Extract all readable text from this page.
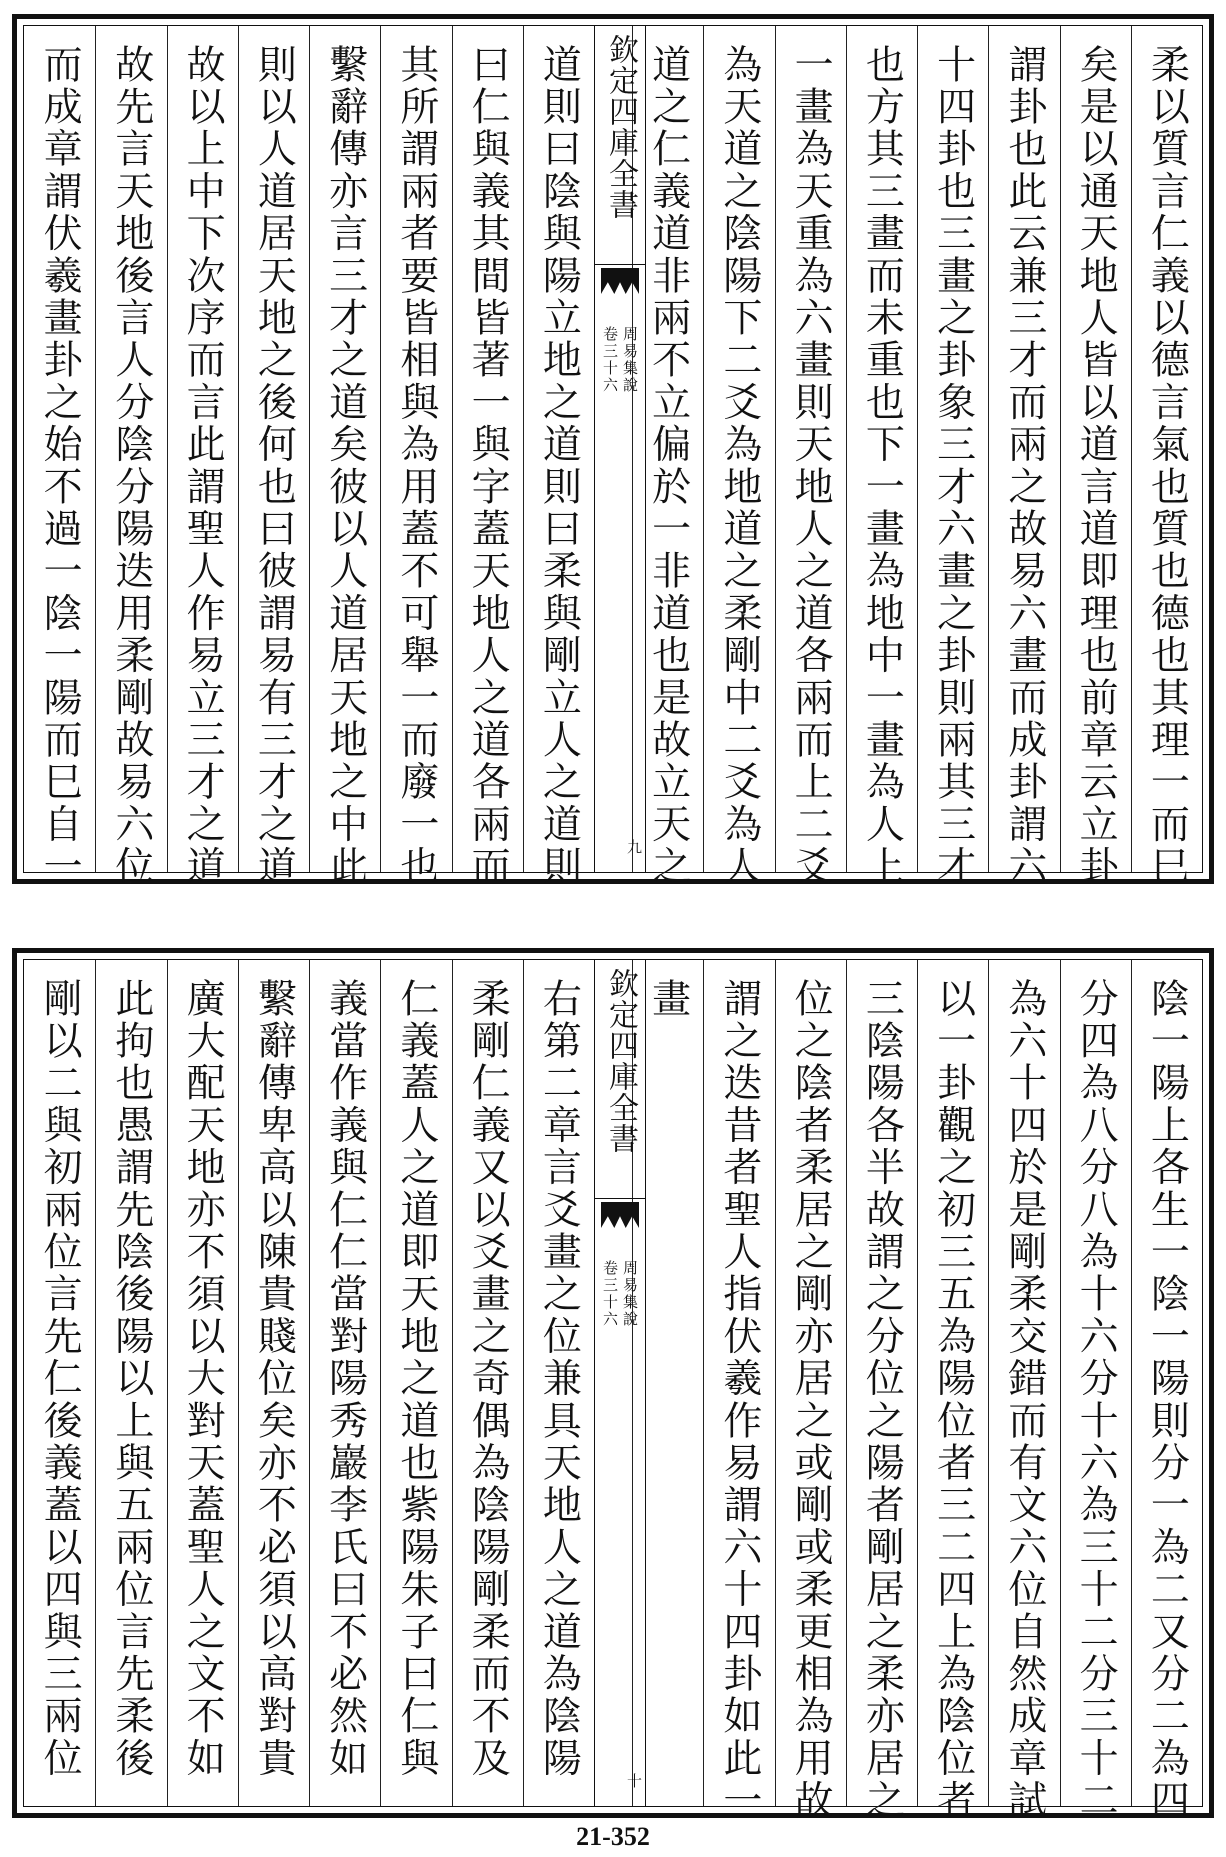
柔以質言仁義以德言氣也質也德也其理一而巳
矣是以通天地人皆以道言道即理也前章云立卦
謂卦也此云兼三才而兩之故易六畫而成卦謂六
十四卦也三畫之卦象三才六畫之卦則兩其三才
也方其三畫而未重也下一畫為地中一畫為人上
一畫為天重為六畫則天地人之道各兩而上二爻
為天道之陰陽下二爻為地道之柔剛中二爻為人
道之仁義道非兩不立偏於一非道也是故立天之
欽定四庫全書
周易集說
卷三十六
九
道則曰陰與陽立地之道則曰柔與剛立人之道則
曰仁與義其間皆著一與字蓋天地人之道各兩而
其所謂兩者要皆相與為用蓋不可舉一而廢一也
繫辭傳亦言三才之道矣彼以人道居天地之中此
則以人道居天地之後何也曰彼謂易有三才之道
故以上中下次序而言此謂聖人作易立三才之道
故先言天地後言人分陰分陽迭用柔剛故易六位
而成章謂伏羲畫卦之始不過一陰一陽而巳自一
陰一陽上各生一陰一陽則分一為二又分二為四
分四為八分八為十六分十六為三十二分三十二
為六十四於是剛柔交錯而有文六位自然成章試
以一卦觀之初三五為陽位者三二四上為陰位者
三陰陽各半故謂之分位之陽者剛居之柔亦居之
位之陰者柔居之剛亦居之或剛或柔更相為用故
謂之迭昔者聖人指伏羲作易謂六十四卦如此一
畫
欽定四庫全書
周易集說
卷三十六
十
右第二章言爻畫之位兼具天地人之道為陰陽
柔剛仁義又以爻畫之奇偶為陰陽剛柔而不及
仁義蓋人之道即天地之道也紫陽朱子曰仁與
義當作義與仁仁當對陽秀巖李氏曰不必然如
繫辭傳卑高以陳貴賤位矣亦不必須以高對貴
廣大配天地亦不須以大對天蓋聖人之文不如
此拘也愚謂先陰後陽以上與五兩位言先柔後
剛以二與初兩位言先仁後義蓋以四與三兩位
21-352
